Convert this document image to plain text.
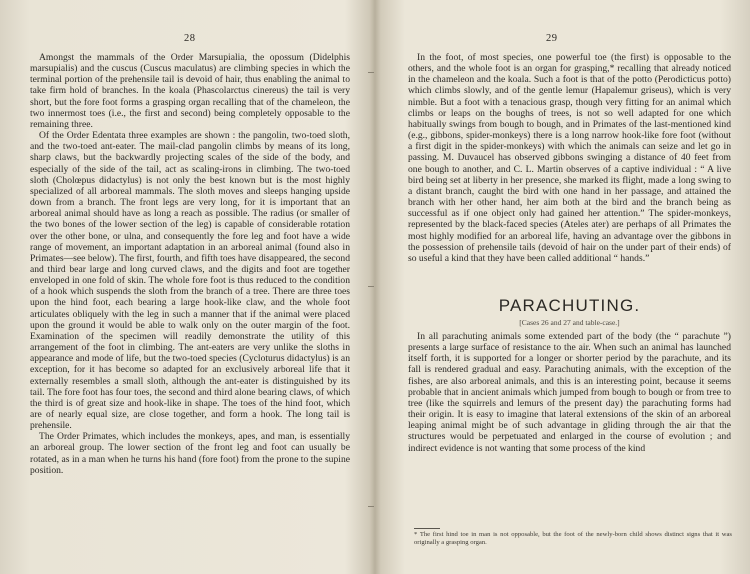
28

Amongst the mammals of the Order Marsupialia, the opossum (Didelphis marsupialis) and the cuscus (Cuscus maculatus) are climbing species in which the terminal portion of the prehensile tail is devoid of hair, thus enabling the animal to take firm hold of branches. In the koala (Phascolarctus cinereus) the tail is very short, but the fore foot forms a grasping organ recalling that of the chameleon, the two innermost toes (i.e., the first and second) being completely opposable to the remaining three.

Of the Order Edentata three examples are shown : the pangolin, two-toed sloth, and the two-toed ant-eater. The mail-clad pangolin climbs by means of its long, sharp claws, but the backwardly projecting scales of the side of the body, and especially of the side of the tail, act as scaling-irons in climbing. The two-toed sloth (Cholœpus didactylus) is not only the best known but is the most highly specialized of all arboreal mammals. The sloth moves and sleeps hanging upside down from a branch. The front legs are very long, for it is important that an arboreal animal should have as long a reach as possible. The radius (or smaller of the two bones of the lower section of the leg) is capable of considerable rotation over the other bone, or ulna, and consequently the fore leg and foot have a wide range of movement, an important adaptation in an arboreal animal (found also in Primates—see below). The first, fourth, and fifth toes have disappeared, the second and third bear large and long curved claws, and the digits and foot are together enveloped in one fold of skin. The whole fore foot is thus reduced to the condition of a hook which suspends the sloth from the branch of a tree. There are three toes upon the hind foot, each bearing a large hook-like claw, and the whole foot articulates obliquely with the leg in such a manner that if the animal were placed upon the ground it would be able to walk only on the outer margin of the foot. Examination of the specimen will readily demonstrate the utility of this arrangement of the foot in climbing. The ant-eaters are very unlike the sloths in appearance and mode of life, but the two-toed species (Cycloturus didactylus) is an exception, for it has become so adapted for an exclusively arboreal life that it externally resembles a small sloth, although the ant-eater is distinguished by its tail. The fore foot has four toes, the second and third alone bearing claws, of which the third is of great size and hook-like in shape. The toes of the hind foot, which are of nearly equal size, are close together, and form a hook. The long tail is prehensile.

The Order Primates, which includes the monkeys, apes, and man, is essentially an arboreal group. The lower section of the front leg and foot can usually be rotated, as in a man when he turns his hand (fore foot) from the prone to the supine position.

29

In the foot, of most species, one powerful toe (the first) is opposable to the others, and the whole foot is an organ for grasping,* recalling that already noticed in the chameleon and the koala. Such a foot is that of the potto (Perodicticus potto) which climbs slowly, and of the gentle lemur (Hapalemur griseus), which is very nimble. But a foot with a tenacious grasp, though very fitting for an animal which climbs or leaps on the boughs of trees, is not so well adapted for one which habitually swings from bough to bough, and in Primates of the last-mentioned kind (e.g., gibbons, spider-monkeys) there is a long narrow hook-like fore foot (without a first digit in the spider-monkeys) with which the animals can seize and let go in passing. M. Duvaucel has observed gibbons swinging a distance of 40 feet from one bough to another, and C. L. Martin observes of a captive individual : “ A live bird being set at liberty in her presence, she marked its flight, made a long swing to a distant branch, caught the bird with one hand in her passage, and attained the branch with her other hand, her aim both at the bird and the branch being as successful as if one object only had gained her attention.” The spider-monkeys, represented by the black-faced species (Ateles ater) are perhaps of all Primates the most highly modified for an arboreal life, having an advantage over the gibbons in the possession of prehensile tails (devoid of hair on the under part of their ends) of so useful a kind that they have been called additional “ hands.”

PARACHUTING.
[Cases 26 and 27 and table-case.]

In all parachuting animals some extended part of the body (the “ parachute ”) presents a large surface of resistance to the air. When such an animal has launched itself forth, it is supported for a longer or shorter period by the parachute, and its fall is rendered gradual and easy. Parachuting animals, with the exception of the fishes, are also arboreal animals, and this is an interesting point, because it seems probable that in ancient animals which jumped from bough to bough or from tree to tree (like the squirrels and lemurs of the present day) the parachuting forms had their origin. It is easy to imagine that lateral extensions of the skin of an arboreal leaping animal might be of such advantage in gliding through the air that the structures would be perpetuated and enlarged in the course of evolution ; and indirect evidence is not wanting that some process of the kind

* The first hind toe in man is not opposable, but the foot of the newly-born child shows distinct signs that it was originally a grasping organ.
